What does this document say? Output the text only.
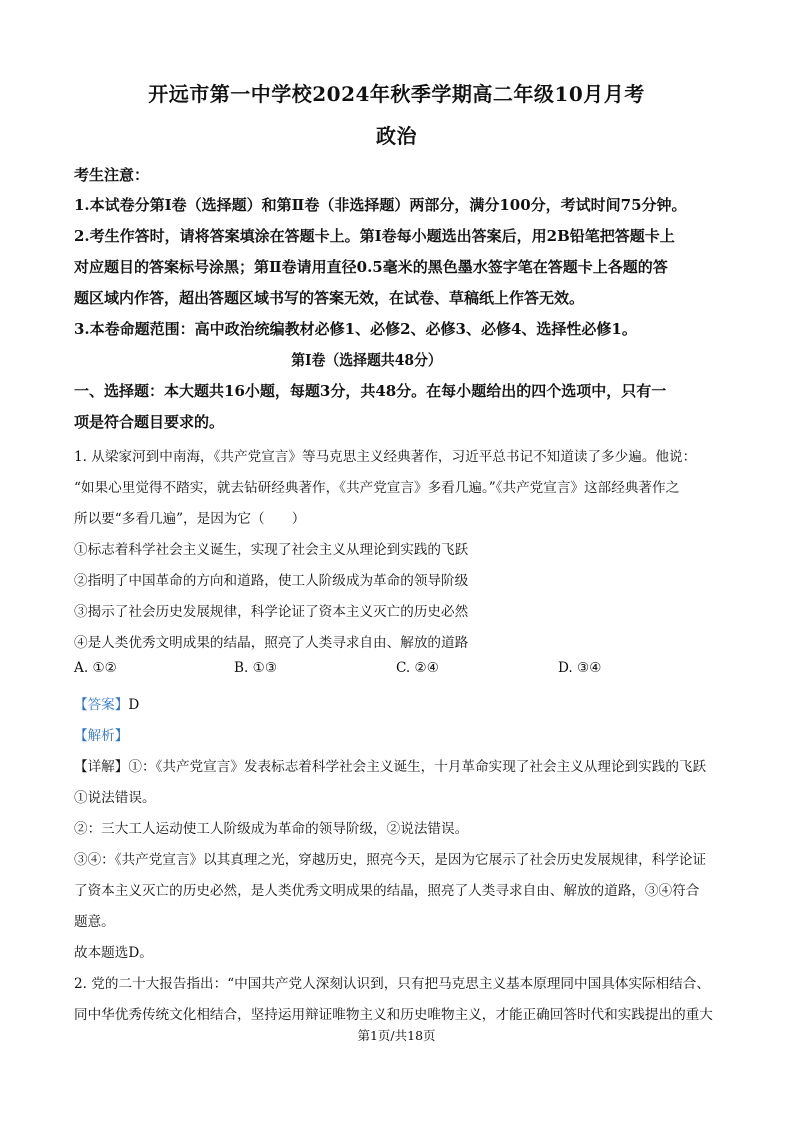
开远市第一中学校2024年秋季学期高二年级10月月考
政治
考生注意：
1.本试卷分第Ⅰ卷（选择题）和第Ⅱ卷（非选择题）两部分，满分100分，考试时间75分钟。
2.考生作答时，请将答案填涂在答题卡上。第Ⅰ卷每小题选出答案后，用2B铅笔把答题卡上
对应题目的答案标号涂黑；第Ⅱ卷请用直径0.5毫米的黑色墨水签字笔在答题卡上各题的答
题区域内作答，超出答题区域书写的答案无效，在试卷、草稿纸上作答无效。
3.本卷命题范围：高中政治统编教材必修1、必修2、必修3、必修4、选择性必修1。
第Ⅰ卷（选择题共48分）
一、选择题：本大题共16小题，每题3分，共48分。在每小题给出的四个选项中，只有一
项是符合题目要求的。
1. 从梁家河到中南海，《共产党宣言》等马克思主义经典著作，习近平总书记不知道读了多少遍。他说：
“如果心里觉得不踏实，就去钻研经典著作，《共产党宣言》多看几遍。”《共产党宣言》这部经典著作之
所以要“多看几遍”，是因为它（　　）
①标志着科学社会主义诞生，实现了社会主义从理论到实践的飞跃
②指明了中国革命的方向和道路，使工人阶级成为革命的领导阶级
③揭示了社会历史发展规律，科学论证了资本主义灭亡的历史必然
④是人类优秀文明成果的结晶，照亮了人类寻求自由、解放的道路
A. ①②	B. ①③	C. ②④	D. ③④
【答案】D
【解析】
【详解】①：《共产党宣言》发表标志着科学社会主义诞生，十月革命实现了社会主义从理论到实践的飞跃
①说法错误。
②：三大工人运动使工人阶级成为革命的领导阶级，②说法错误。
③④：《共产党宣言》以其真理之光，穿越历史，照亮今天，是因为它展示了社会历史发展规律，科学论证
了资本主义灭亡的历史必然，是人类优秀文明成果的结晶，照亮了人类寻求自由、解放的道路，③④符合
题意。
故本题选D。
2. 党的二十大报告指出：“中国共产党人深刻认识到，只有把马克思主义基本原理同中国具体实际相结合、
同中华优秀传统文化相结合，坚持运用辩证唯物主义和历史唯物主义，才能正确回答时代和实践提出的重大
第1页/共18页
